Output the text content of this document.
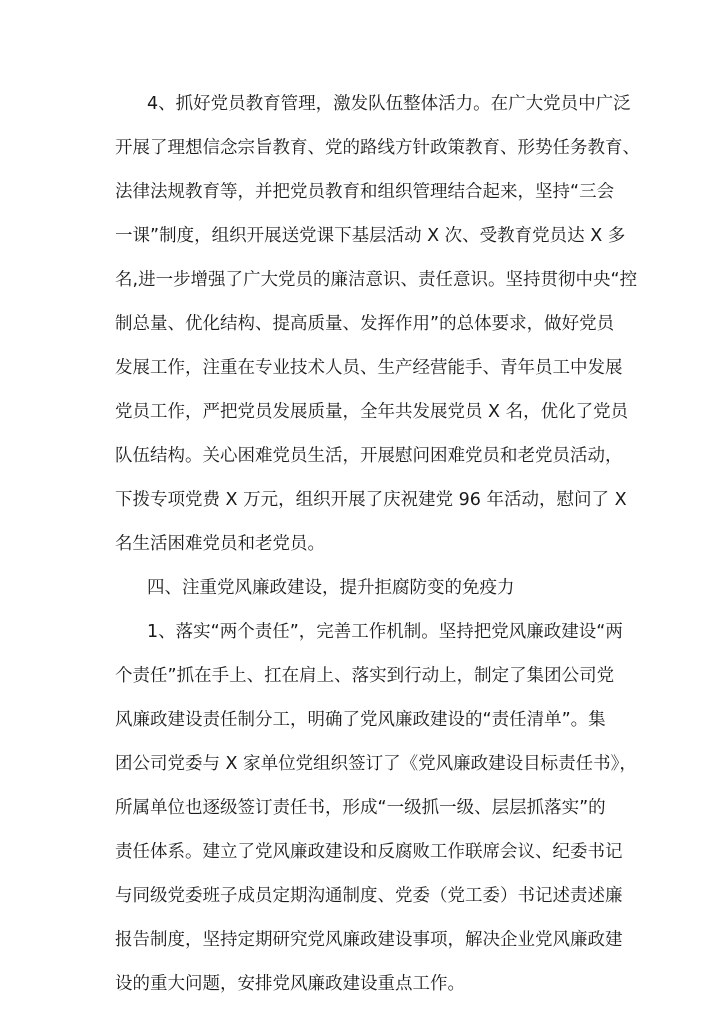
4、抓好党员教育管理，激发队伍整体活力。在广大党员中广泛

开展了理想信念宗旨教育、党的路线方针政策教育、形势任务教育、

法律法规教育等，并把党员教育和组织管理结合起来，坚持“三会

一课”制度，组织开展送党课下基层活动 X 次、受教育党员达 X 多

名,进一步增强了广大党员的廉洁意识、责任意识。坚持贯彻中央“控

制总量、优化结构、提高质量、发挥作用”的总体要求，做好党员

发展工作，注重在专业技术人员、生产经营能手、青年员工中发展

党员工作，严把党员发展质量，全年共发展党员 X 名，优化了党员

队伍结构。关心困难党员生活，开展慰问困难党员和老党员活动，

下拨专项党费 X 万元，组织开展了庆祝建党 96 年活动，慰问了 X

名生活困难党员和老党员。

四、注重党风廉政建设，提升拒腐防变的免疫力

1、落实“两个责任”，完善工作机制。坚持把党风廉政建设“两

个责任”抓在手上、扛在肩上、落实到行动上，制定了集团公司党

风廉政建设责任制分工，明确了党风廉政建设的“责任清单”。集

团公司党委与 X 家单位党组织签订了《党风廉政建设目标责任书》，

所属单位也逐级签订责任书，形成“一级抓一级、层层抓落实”的

责任体系。建立了党风廉政建设和反腐败工作联席会议、纪委书记

与同级党委班子成员定期沟通制度、党委（党工委）书记述责述廉

报告制度，坚持定期研究党风廉政建设事项，解决企业党风廉政建

设的重大问题，安排党风廉政建设重点工作。
